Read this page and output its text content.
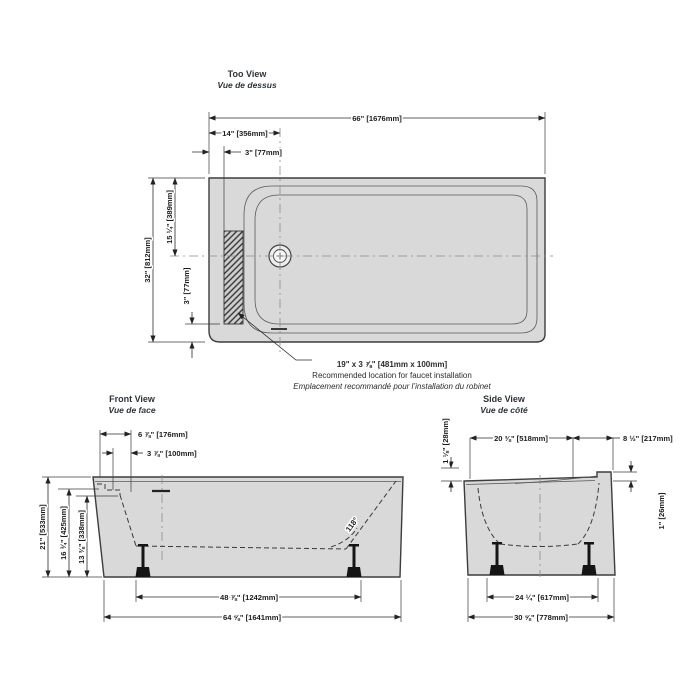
Too View
Vue de dessus
66" [1676mm]
14" [356mm]
3" [77mm]
32" [812mm]
15 ¼" [389mm]
3" [77mm]
19" x 3 ⅞" [481mm x 100mm]
Recommended location for faucet installation
Emplacement recommandé pour l’installation du robinet
Front View
Vue de face
118°
6 ⅞" [176mm]
3 ⅞" [100mm]
21" [533mm] 16 ¾" [425mm] 13 ⅜" [338mm]
48 ⅞" [1242mm]
64 ⅝" [1641mm]
Side View
Vue de côté
20 ⅜" [518mm]	8 ½" [217mm]
1 ⅛" [28mm]
1" [26mm]
24 ¼" [617mm]
30 ⅝" [778mm]
